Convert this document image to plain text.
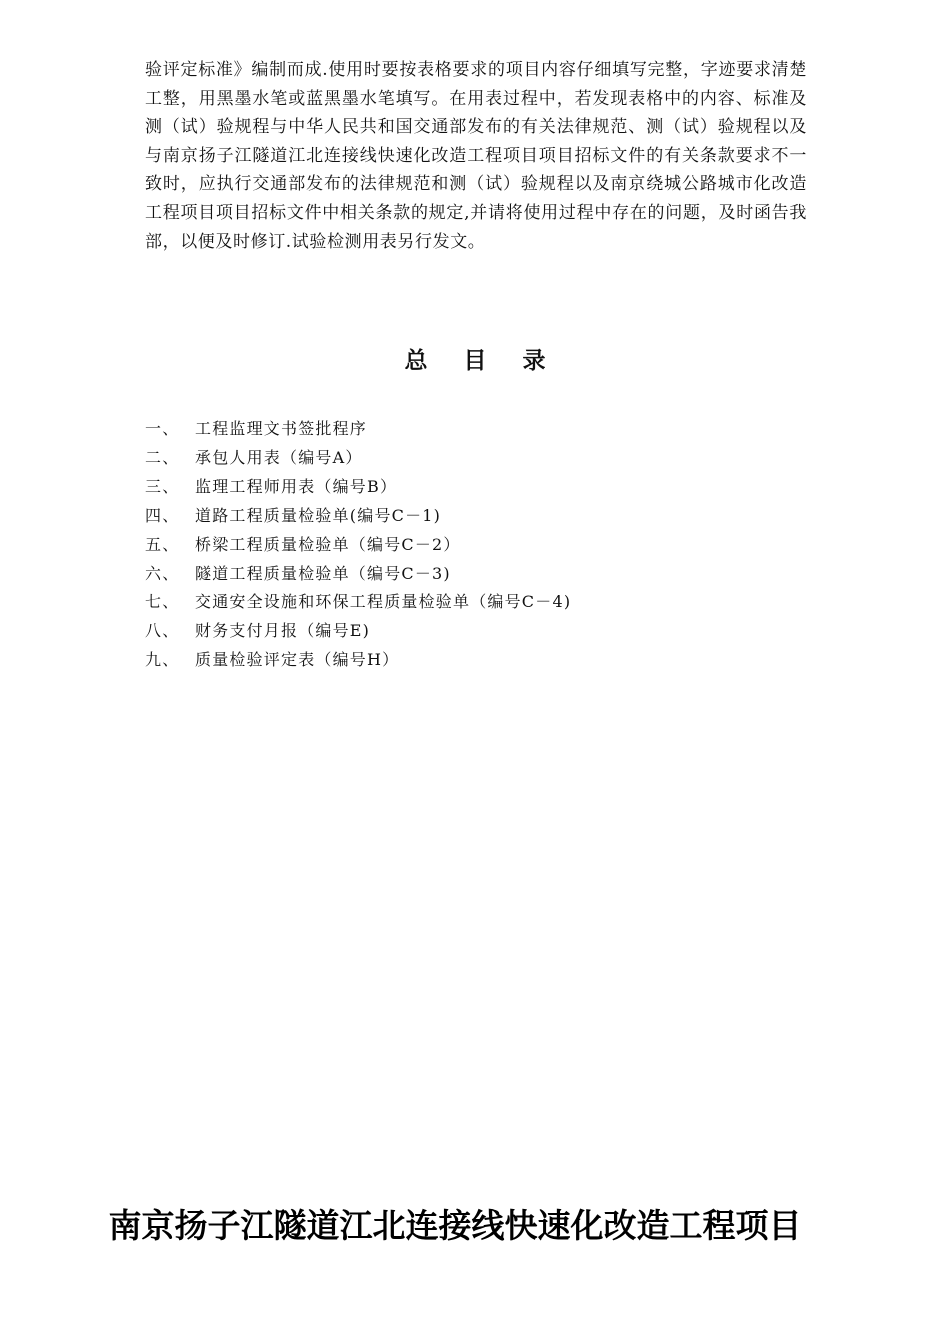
验评定标准》编制而成.使用时要按表格要求的项目内容仔细填写完整，字迹要求清楚工整，用黑墨水笔或蓝黑墨水笔填写。在用表过程中，若发现表格中的内容、标准及测（试）验规程与中华人民共和国交通部发布的有关法律规范、测（试）验规程以及与南京扬子江隧道江北连接线快速化改造工程项目项目招标文件的有关条款要求不一致时，应执行交通部发布的法律规范和测（试）验规程以及南京绕城公路城市化改造工程项目项目招标文件中相关条款的规定,并请将使用过程中存在的问题，及时函告我部，以便及时修订.试验检测用表另行发文。

总目录
一、 工程监理文书签批程序
二、 承包人用表（编号A）
三、 监理工程师用表（编号B）
四、 道路工程质量检验单(编号C－1)
五、 桥梁工程质量检验单（编号C－2）
六、 隧道工程质量检验单（编号C－3)
七、 交通安全设施和环保工程质量检验单（编号C－4)
八、 财务支付月报（编号E)
九、 质量检验评定表（编号H）
南京扬子江隧道江北连接线快速化改造工程项目
